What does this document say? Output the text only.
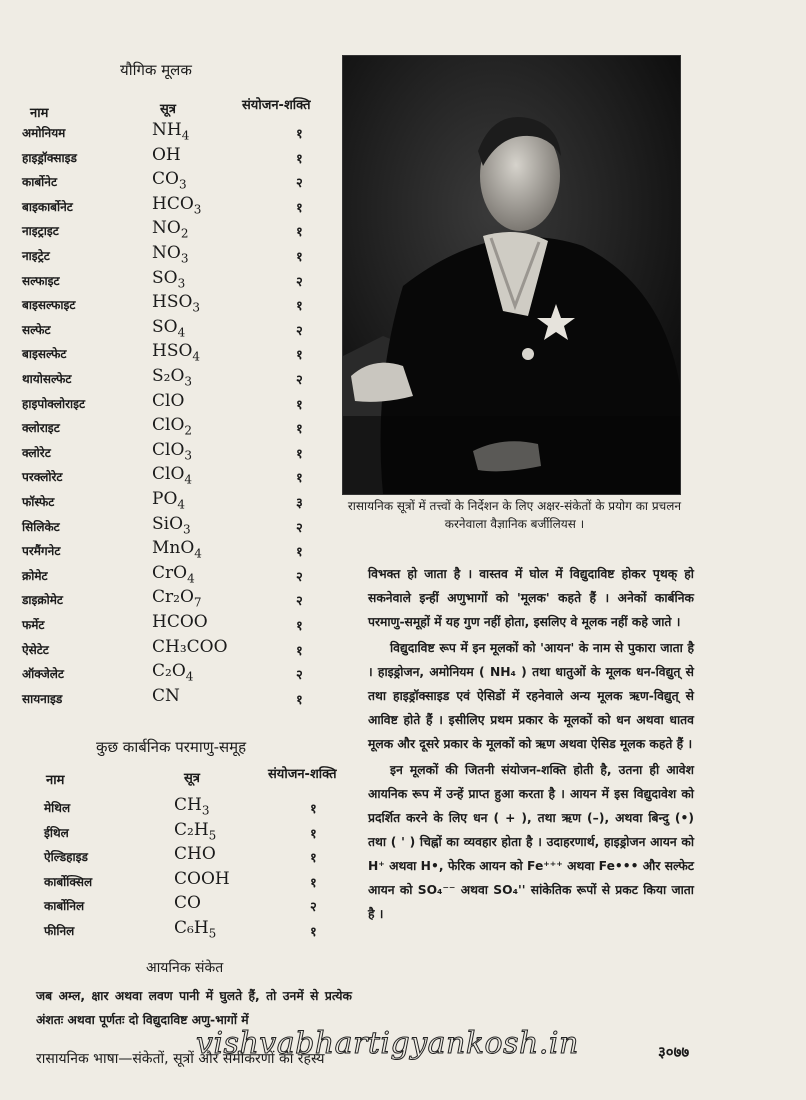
यौगिक मूलक
नाम	सूत्र	संयोजन-शक्ति
अमोनियम	$NH_4$	१
हाइड्रॉक्साइड	OH	१
कार्बोनेट	$CO_3$	२
बाइकार्बोनेट	$HCO_3$	१
नाइट्राइट	$NO_2$	१
नाइट्रेट	$NO_3$	१
सल्फाइट	$SO_3$	२
बाइसल्फाइट	$HSO_3$	१
सल्फेट	$SO_4$	२
बाइसल्फेट	$HSO_4$	१
थायोसल्फेट	$S_2O_3$	२
हाइपोक्लोराइट	ClO	१
क्लोराइट	ClO$_2$	१
क्लोरेट	ClO$_3$	१
परक्लोरेट	ClO$_4$	१
फॉस्फेट	$PO_4$	३
सिलिकेट	SiO$_3$	२
परमैंगनेट	MnO$_4$	१
क्रोमेट	CrO$_4$	२
डाइक्रोमेट	$Cr_2O_7$	२
फर्मेट	HCOO	१
ऐसेटेट	CH₃COO	१
ऑक्जेलेट	$C_2O_4$	२
सायनाइड	CN	१
कुछ कार्बनिक परमाणु-समूह
नाम	सूत्र	संयोजन-शक्ति
मेथिल	$CH_3$	१
ईथिल	$C_2H_5$	१
ऐल्डिहाइड	CHO	१
कार्बोक्सिल	COOH	१
कार्बोनिल	CO	२
फीनिल	$C_6H_5$	१
आयनिक संकेत
जब अम्ल, क्षार अथवा लवण पानी में घुलते हैं, तो उनमें से प्रत्येक अंशतः अथवा पूर्णतः दो विद्युदाविष्ट अणु-भागों में
रासायनिक सूत्रों में तत्त्वों के निर्देशन के लिए अक्षर-संकेतों के प्रयोग का प्रचलन करनेवाला वैज्ञानिक बर्जीलियस ।
विभक्त हो जाता है । वास्तव में घोल में विद्युदाविष्ट होकर पृथक् हो सकनेवाले इन्हीं अणुभागों को 'मूलक' कहते हैं । अनेकों कार्बनिक परमाणु-समूहों में यह गुण नहीं होता, इसलिए वे मूलक नहीं कहे जाते ।
विद्युदाविष्ट रूप में इन मूलकों को 'आयन' के नाम से पुकारा जाता है । हाइड्रोजन, अमोनियम ( NH₄ ) तथा धातुओं के मूलक धन-विद्युत् से तथा हाइड्रॉक्साइड एवं ऐसिडों में रहनेवाले अन्य मूलक ऋण-विद्युत् से आविष्ट होते हैं । इसीलिए प्रथम प्रकार के मूलकों को धन अथवा धातव मूलक और दूसरे प्रकार के मूलकों को ऋण अथवा ऐसिड मूलक कहते हैं ।
इन मूलकों की जितनी संयोजन-शक्ति होती है, उतना ही आवेश आयनिक रूप में उन्हें प्राप्त हुआ करता है । आयन में इस विद्युदावेश को प्रदर्शित करने के लिए धन ( + ), तथा ऋण (–), अथवा बिन्दु (•) तथा ( ' ) चिह्नों का व्यवहार होता है । उदाहरणार्थ, हाइड्रोजन आयन को H⁺ अथवा H•, फेरिक आयन को Fe⁺⁺⁺ अथवा Fe••• और सल्फेट आयन को SO₄⁻⁻ अथवा SO₄'' सांकेतिक रूपों से प्रकट किया जाता है ।
रासायनिक भाषा—संकेतों, सूत्रों और समीकरणों का रहस्य
vishvabhartigyankosh.in	३०७७
